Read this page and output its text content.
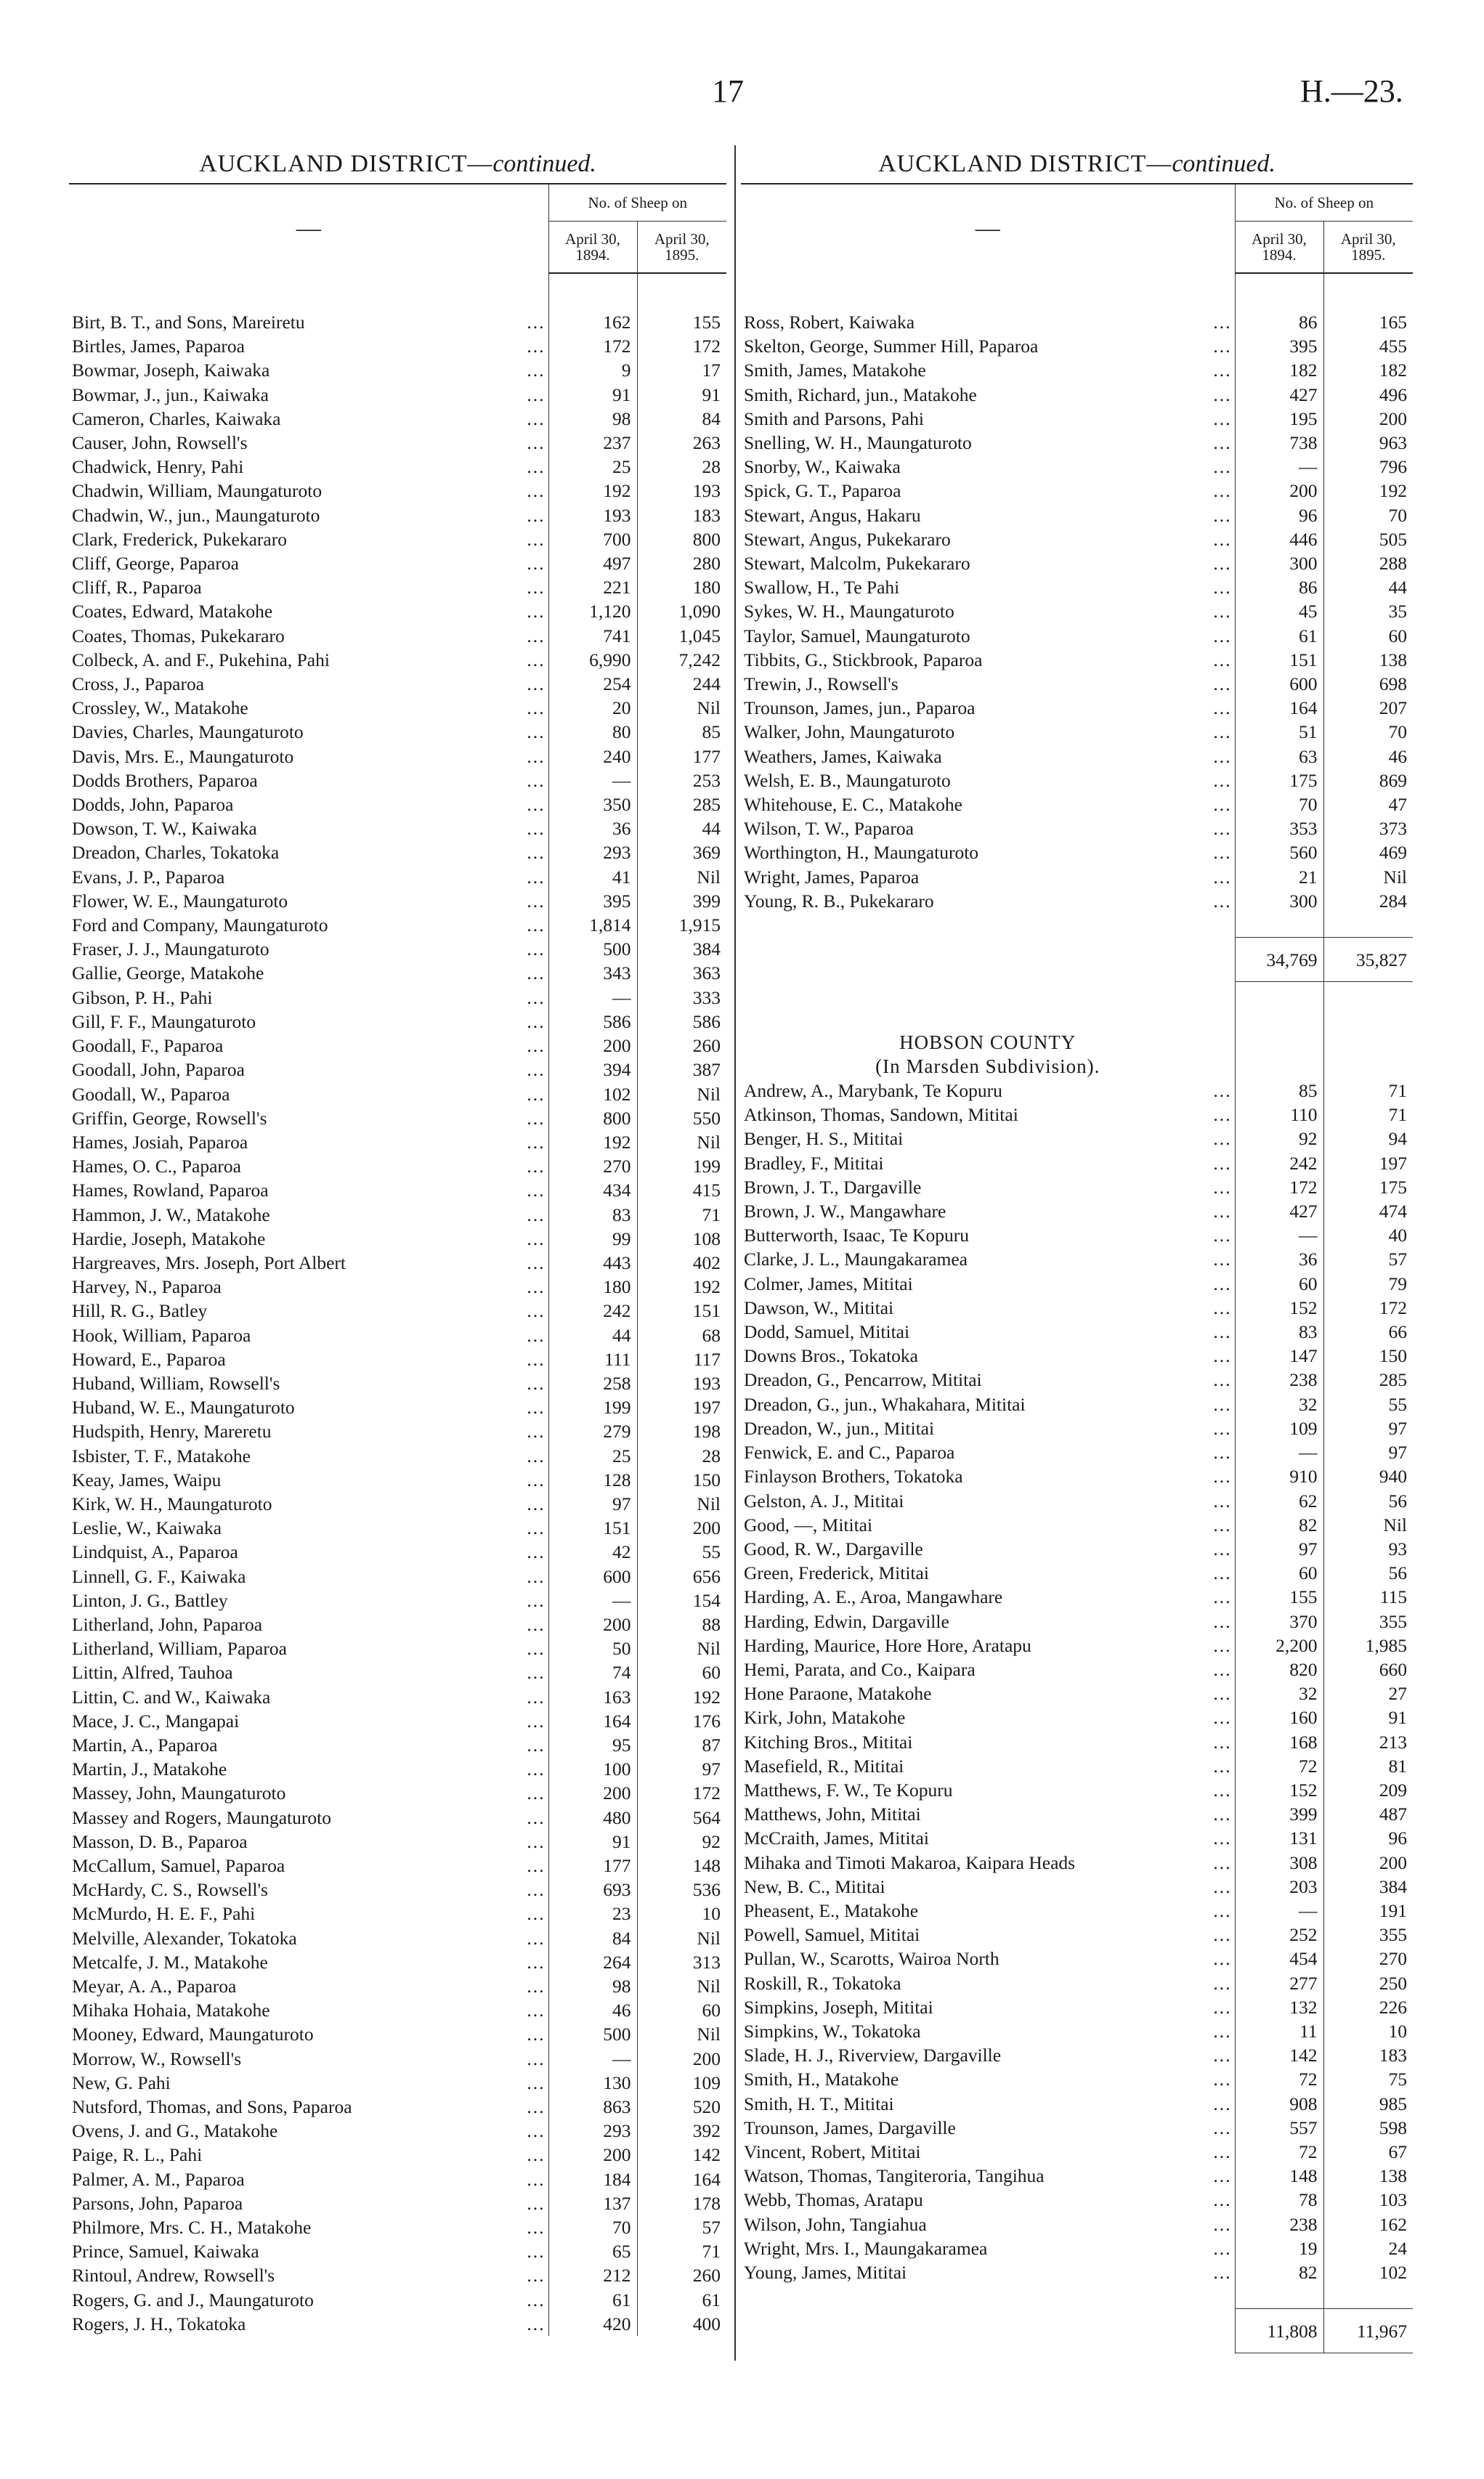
17	H.—23.
AUCKLAND DISTRICT—continued.
—	No. of Sheep on	
	April 30, 1894.	April 30, 1895.

...
Birt, B. T., and Sons, Mareiretu	162	155

...
Birtles, James, Paparoa	172	172

...
Bowmar, Joseph, Kaiwaka	9	17

...
Bowmar, J., jun., Kaiwaka	91	91

...
Cameron, Charles, Kaiwaka	98	84

...
Causer, John, Rowsell's	237	263

...
Chadwick, Henry, Pahi	25	28

...
Chadwin, William, Maungaturoto	192	193

...
Chadwin, W., jun., Maungaturoto	193	183

...
Clark, Frederick, Pukekararo	700	800

...
Cliff, George, Paparoa	497	280

...
Cliff, R., Paparoa	221	180

...
Coates, Edward, Matakohe	1,120	1,090

...
Coates, Thomas, Pukekararo	741	1,045

...
Colbeck, A. and F., Pukehina, Pahi	6,990	7,242

...
Cross, J., Paparoa	254	244

...
Crossley, W., Matakohe	20	Nil

...
Davies, Charles, Maungaturoto	80	85

...
Davis, Mrs. E., Maungaturoto	240	177

...
Dodds Brothers, Paparoa	—	253

...
Dodds, John, Paparoa	350	285

...
Dowson, T. W., Kaiwaka	36	44

...
Dreadon, Charles, Tokatoka	293	369

...
Evans, J. P., Paparoa	41	Nil

...
Flower, W. E., Maungaturoto	395	399

...
Ford and Company, Maungaturoto	1,814	1,915

...
Fraser, J. J., Maungaturoto	500	384

...
Gallie, George, Matakohe	343	363

...
Gibson, P. H., Pahi	—	333

...
Gill, F. F., Maungaturoto	586	586

...
Goodall, F., Paparoa	200	260

...
Goodall, John, Paparoa	394	387

...
Goodall, W., Paparoa	102	Nil

...
Griffin, George, Rowsell's	800	550

...
Hames, Josiah, Paparoa	192	Nil

...
Hames, O. C., Paparoa	270	199

...
Hames, Rowland, Paparoa	434	415

...
Hammon, J. W., Matakohe	83	71

...
Hardie, Joseph, Matakohe	99	108

...
Hargreaves, Mrs. Joseph, Port Albert	443	402

...
Harvey, N., Paparoa	180	192

...
Hill, R. G., Batley	242	151

...
Hook, William, Paparoa	44	68

...
Howard, E., Paparoa	111	117

...
Huband, William, Rowsell's	258	193

...
Huband, W. E., Maungaturoto	199	197

...
Hudspith, Henry, Mareretu	279	198

...
Isbister, T. F., Matakohe	25	28

...
Keay, James, Waipu	128	150

...
Kirk, W. H., Maungaturoto	97	Nil

...
Leslie, W., Kaiwaka	151	200

...
Lindquist, A., Paparoa	42	55

...
Linnell, G. F., Kaiwaka	600	656

...
Linton, J. G., Battley	—	154

...
Litherland, John, Paparoa	200	88

...
Litherland, William, Paparoa	50	Nil

...
Littin, Alfred, Tauhoa	74	60

...
Littin, C. and W., Kaiwaka	163	192

...
Mace, J. C., Mangapai	164	176

...
Martin, A., Paparoa	95	87

...
Martin, J., Matakohe	100	97

...
Massey, John, Maungaturoto	200	172

...
Massey and Rogers, Maungaturoto	480	564

...
Masson, D. B., Paparoa	91	92

...
McCallum, Samuel, Paparoa	177	148

...
McHardy, C. S., Rowsell's	693	536

...
McMurdo, H. E. F., Pahi	23	10

...
Melville, Alexander, Tokatoka	84	Nil

...
Metcalfe, J. M., Matakohe	264	313

...
Meyar, A. A., Paparoa	98	Nil

...
Mihaka Hohaia, Matakohe	46	60

...
Mooney, Edward, Maungaturoto	500	Nil

...
Morrow, W., Rowsell's	—	200

...
New, G. Pahi	130	109

...
Nutsford, Thomas, and Sons, Paparoa	863	520

...
Ovens, J. and G., Matakohe	293	392

...
Paige, R. L., Pahi	200	142

...
Palmer, A. M., Paparoa	184	164

...
Parsons, John, Paparoa	137	178

...
Philmore, Mrs. C. H., Matakohe	70	57

...
Prince, Samuel, Kaiwaka	65	71

...
Rintoul, Andrew, Rowsell's	212	260

...
Rogers, G. and J., Maungaturoto	61	61

...
Rogers, J. H., Tokatoka	420	400
AUCKLAND DISTRICT—continued.
—	No. of Sheep on	
	April 30, 1894.	April 30, 1895.

...
Ross, Robert, Kaiwaka	86	165

...
Skelton, George, Summer Hill, Paparoa	395	455

...
Smith, James, Matakohe	182	182

...
Smith, Richard, jun., Matakohe	427	496

...
Smith and Parsons, Pahi	195	200

...
Snelling, W. H., Maungaturoto	738	963

...
Snorby, W., Kaiwaka	—	796

...
Spick, G. T., Paparoa	200	192

...
Stewart, Angus, Hakaru	96	70

...
Stewart, Angus, Pukekararo	446	505

...
Stewart, Malcolm, Pukekararo	300	288

...
Swallow, H., Te Pahi	86	44

...
Sykes, W. H., Maungaturoto	45	35

...
Taylor, Samuel, Maungaturoto	61	60

...
Tibbits, G., Stickbrook, Paparoa	151	138

...
Trewin, J., Rowsell's	600	698

...
Trounson, James, jun., Paparoa	164	207

...
Walker, John, Maungaturoto	51	70

...
Weathers, James, Kaiwaka	63	46

...
Welsh, E. B., Maungaturoto	175	869

...
Whitehouse, E. C., Matakohe	70	47

...
Wilson, T. W., Paparoa	353	373

...
Worthington, H., Maungaturoto	560	469

...
Wright, James, Paparoa	21	Nil

...
Young, R. B., Pukekararo	300	284

	34,769	35,827

HOBSON COUNTY		
(In Marsden Subdivision).		

...
Andrew, A., Marybank, Te Kopuru	85	71

...
Atkinson, Thomas, Sandown, Mititai	110	71

...
Benger, H. S., Mititai	92	94

...
Bradley, F., Mititai	242	197

...
Brown, J. T., Dargaville	172	175

...
Brown, J. W., Mangawhare	427	474

...
Butterworth, Isaac, Te Kopuru	—	40

...
Clarke, J. L., Maungakaramea	36	57

...
Colmer, James, Mititai	60	79

...
Dawson, W., Mititai	152	172

...
Dodd, Samuel, Mititai	83	66

...
Downs Bros., Tokatoka	147	150

...
Dreadon, G., Pencarrow, Mititai	238	285

...
Dreadon, G., jun., Whakahara, Mititai	32	55

...
Dreadon, W., jun., Mititai	109	97

...
Fenwick, E. and C., Paparoa	—	97

...
Finlayson Brothers, Tokatoka	910	940

...
Gelston, A. J., Mititai	62	56

...
Good, —, Mititai	82	Nil

...
Good, R. W., Dargaville	97	93

...
Green, Frederick, Mititai	60	56

...
Harding, A. E., Aroa, Mangawhare	155	115

...
Harding, Edwin, Dargaville	370	355

...
Harding, Maurice, Hore Hore, Aratapu	2,200	1,985

...
Hemi, Parata, and Co., Kaipara	820	660

...
Hone Paraone, Matakohe	32	27

...
Kirk, John, Matakohe	160	91

...
Kitching Bros., Mititai	168	213

...
Masefield, R., Mititai	72	81

...
Matthews, F. W., Te Kopuru	152	209

...
Matthews, John, Mititai	399	487

...
McCraith, James, Mititai	131	96

...
Mihaka and Timoti Makaroa, Kaipara Heads	308	200

...
New, B. C., Mititai	203	384

...
Pheasent, E., Matakohe	—	191

...
Powell, Samuel, Mititai	252	355

...
Pullan, W., Scarotts, Wairoa North	454	270

...
Roskill, R., Tokatoka	277	250

...
Simpkins, Joseph, Mititai	132	226

...
Simpkins, W., Tokatoka	11	10

...
Slade, H. J., Riverview, Dargaville	142	183

...
Smith, H., Matakohe	72	75

...
Smith, H. T., Mititai	908	985

...
Trounson, James, Dargaville	557	598

...
Vincent, Robert, Mititai	72	67

...
Watson, Thomas, Tangiteroria, Tangihua	148	138

...
Webb, Thomas, Aratapu	78	103

...
Wilson, John, Tangiahua	238	162

...
Wright, Mrs. I., Maungakaramea	19	24

...
Young, James, Mititai	82	102

	11,808	11,967
